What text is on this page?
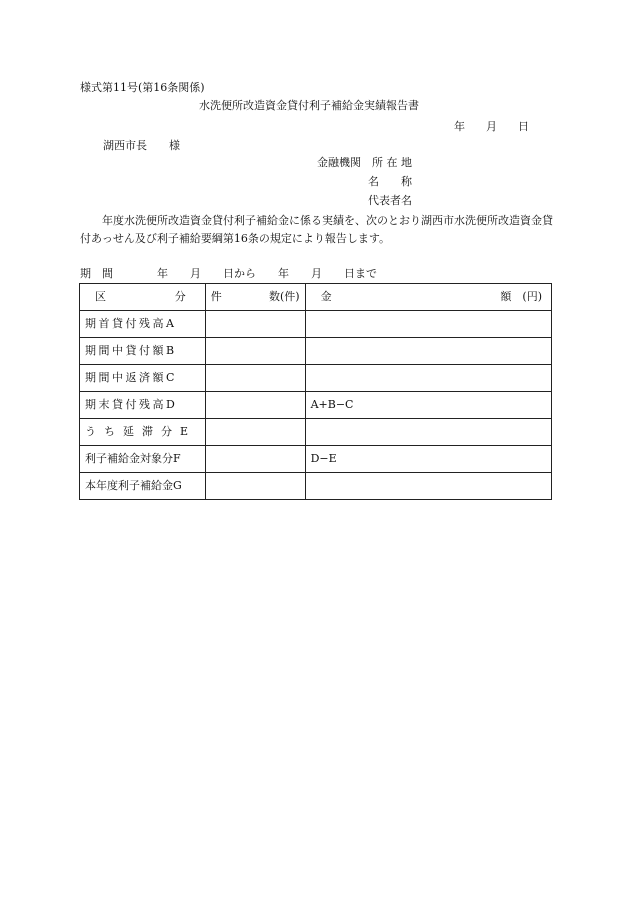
様式第11号(第16条関係)
水洗便所改造資金貸付利子補給金実績報告書
年 月 日
湖西市長　　様
金融機関　所 在 地
名　　称
代表者名
　　年度水洗便所改造資金貸付利子補給金に係る実績を、次のとおり湖西市水洗便所改造資金貸付あっせん及び利子補給要綱第16条の規定により報告します。
期　間　　　　年　　月　　日から　　年　　月　　日まで
区 分	件 数(件)	金 額　(円)

期首貸付残高A		
期間中貸付額B		
期間中返済額C		
期末貸付残高D		A+B−C
うち延滞分E		
利子補給金対象分F		D−E
本年度利子補給金G		
